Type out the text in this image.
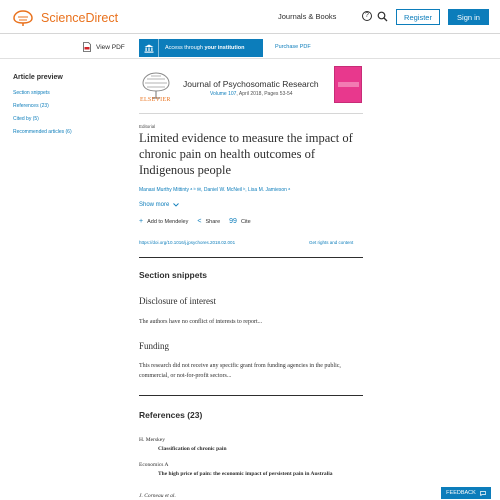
ScienceDirect	Journals & Books	?	Register	Sign in
View PDF	Access through
your institution	Purchase PDF
Article preview
Section snippets
References (23)
Cited by (5)
Recommended articles (6)
ELSEVIER
Journal of Psychosomatic Research
Volume 107, April 2018, Pages 53-54
Editorial
Limited evidence to measure the impact of chronic pain on health outcomes of Indigenous people
Manasi Murthy Mittinty ᵃ ᵇ ✉, Daniel W. McNeil ᵇ, Lisa M. Jamieson ᵃ
Show more
+ Add to Mendeley < Share 99 Cite
https://doi.org/10.1016/j.jpsychores.2018.02.001	Get rights and content
Section snippets
Disclosure of interest
The authors have no conflict of interests to report...
Funding
This research did not receive any specific grant from funding agencies in the public, commercial, or not-for-profit sectors...
References (23)
H. Merskey
Classification of chronic pain
Economics A
The high price of pain: the economic impact of persistent pain in Australia
J. Corneau et al.	FEEDBACK
